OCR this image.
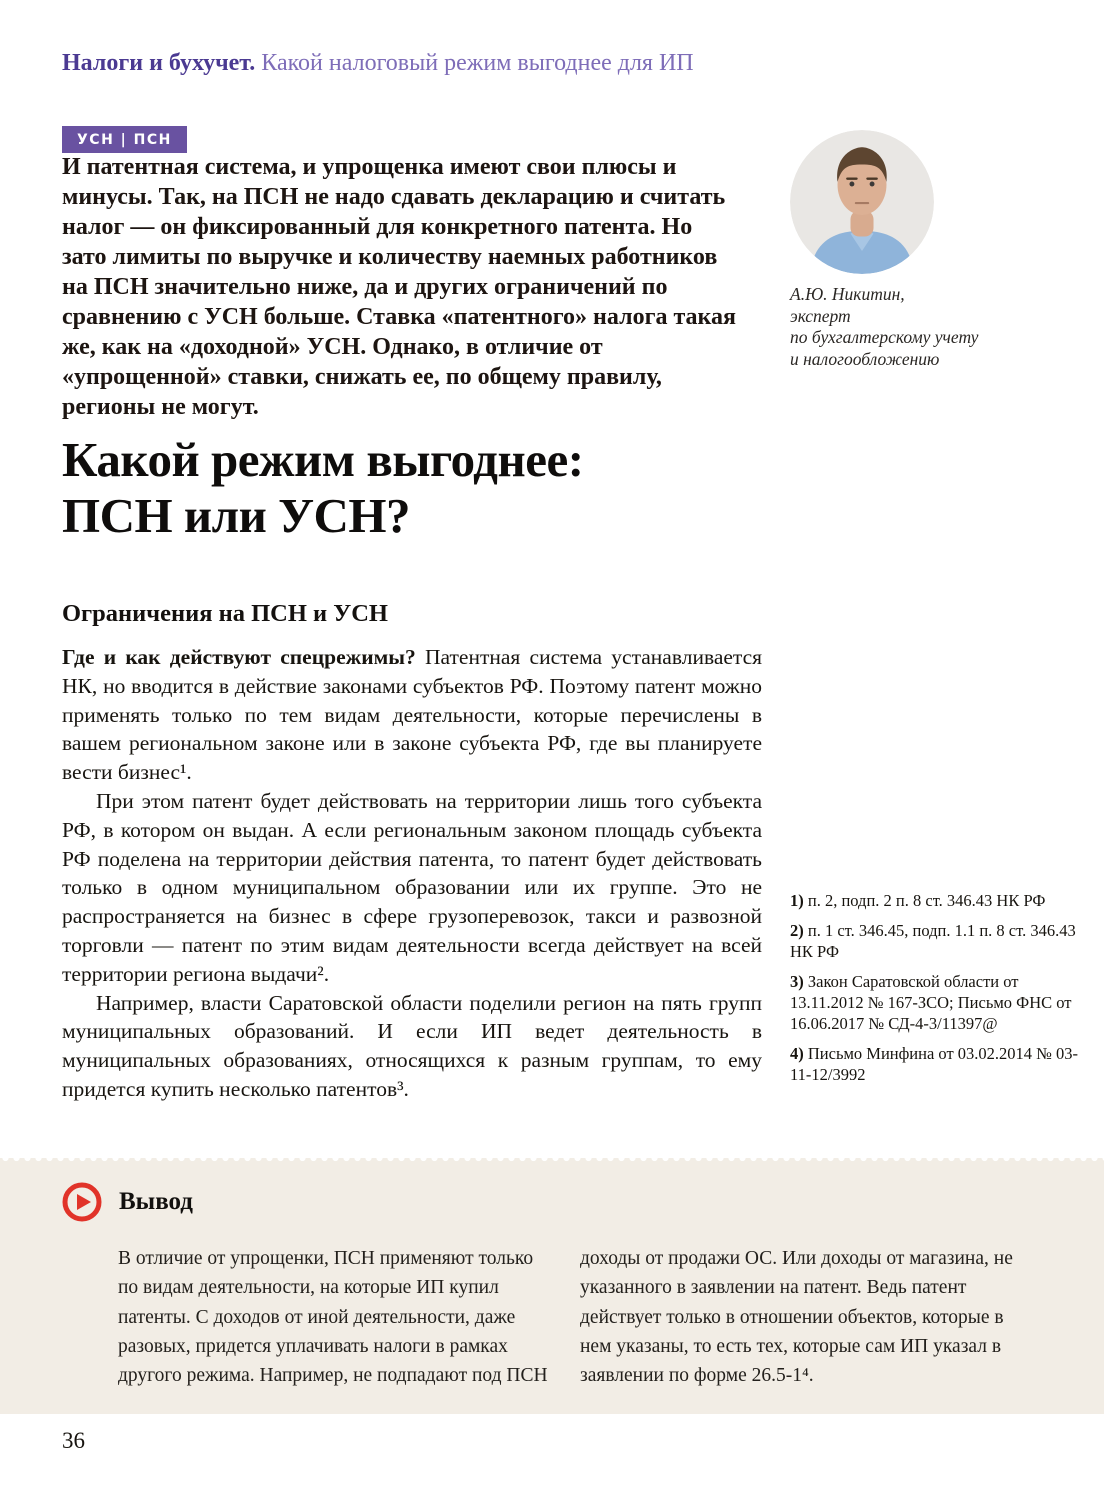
Налоги и бухучет. Какой налоговый режим выгоднее для ИП
УСН | ПСН

И патентная система, и упрощенка имеют свои плюсы и минусы. Так, на ПСН не надо сдавать декларацию и считать налог — он фиксированный для конкретного патента. Но зато лимиты по выручке и количеству наемных работников на ПСН значительно ниже, да и других ограничений по сравнению с УСН больше. Ставка «патентного» налога такая же, как на «доходной» УСН. Однако, в отличие от «упрощенной» ставки, снижать ее, по общему правилу, регионы не могут.

А.Ю. Никитин,
эксперт
по бухгалтерскому учету
и налогообложению
Какой режим выгоднее:
ПСН или УСН?
Ограничения на ПСН и УСН

Где и как действуют спецрежимы? Патентная система устанавливается НК, но вводится в действие законами субъектов РФ. Поэтому патент можно применять только по тем видам деятельности, которые перечислены в вашем региональном законе или в законе субъекта РФ, где вы планируете вести бизнес¹.

При этом патент будет действовать на территории лишь того субъекта РФ, в котором он выдан. А если региональным законом площадь субъекта РФ поделена на территории действия патента, то патент будет действовать только в одном муниципальном образовании или их группе. Это не распространяется на бизнес в сфере грузоперевозок, такси и развозной торговли — патент по этим видам деятельности всегда действует на всей территории региона выдачи².

Например, власти Саратовской области поделили регион на пять групп муниципальных образований. И если ИП ведет деятельность в муниципальных образованиях, относящихся к разным группам, то ему придется купить несколько патентов³.

1) п. 2, подп. 2 п. 8 ст. 346.43 НК РФ
2) п. 1 ст. 346.45, подп. 1.1 п. 8 ст. 346.43 НК РФ
3) Закон Саратовской области от 13.11.2012 № 167-ЗСО; Письмо ФНС от 16.06.2017 № СД-4-3/11397@
4) Письмо Минфина от 03.02.2014 № 03-11-12/3992
Вывод

В отличие от упрощенки, ПСН применяют только по видам деятельности, на которые ИП купил патенты. С доходов от иной деятельности, даже разовых, придется уплачивать налоги в рамках другого режима. Например, не подпадают под ПСН

доходы от продажи ОС. Или доходы от магазина, не указанного в заявлении на патент. Ведь патент действует только в отношении объектов, которые в нем указаны, то есть тех, которые сам ИП указал в заявлении по форме 26.5-1⁴.

36
